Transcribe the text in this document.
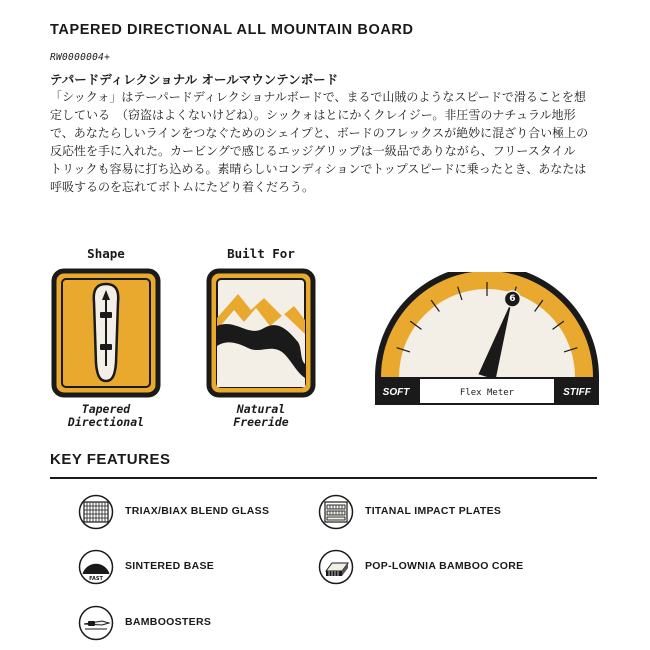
TAPERED DIRECTIONAL ALL MOUNTAIN BOARD
RW0000004+
テパードディレクショナル オールマウンテンボード
「シックォ」はテーパードディレクショナルボードで、まるで山賊のようなスピードで滑ることを想
定している　（窃盗はよくないけどね）。シックォはとにかくクレイジー。非圧雪のナチュラル地形
で、あなたらしいラインをつなぐためのシェイプと、ボードのフレックスが絶妙に混ざり合い極上の
反応性を手に入れた。カービングで感じるエッジグリップは一級品でありながら、フリースタイル
トリックも容易に打ち込める。素晴らしいコンディションでトップスピードに乗ったとき、あなたは
呼吸するのを忘れてボトムにたどり着くだろう。
Shape
Tapered
Directional
Built For
Natural
Freeride
6
SOFT	Flex Meter	STIFF
KEY FEATURES
TRIAX/BIAX BLEND GLASS	TITANAL IMPACT PLATES
FAST
SINTERED BASE	POP-LOWNIA BAMBOO CORE
BAMBOOSTERS
